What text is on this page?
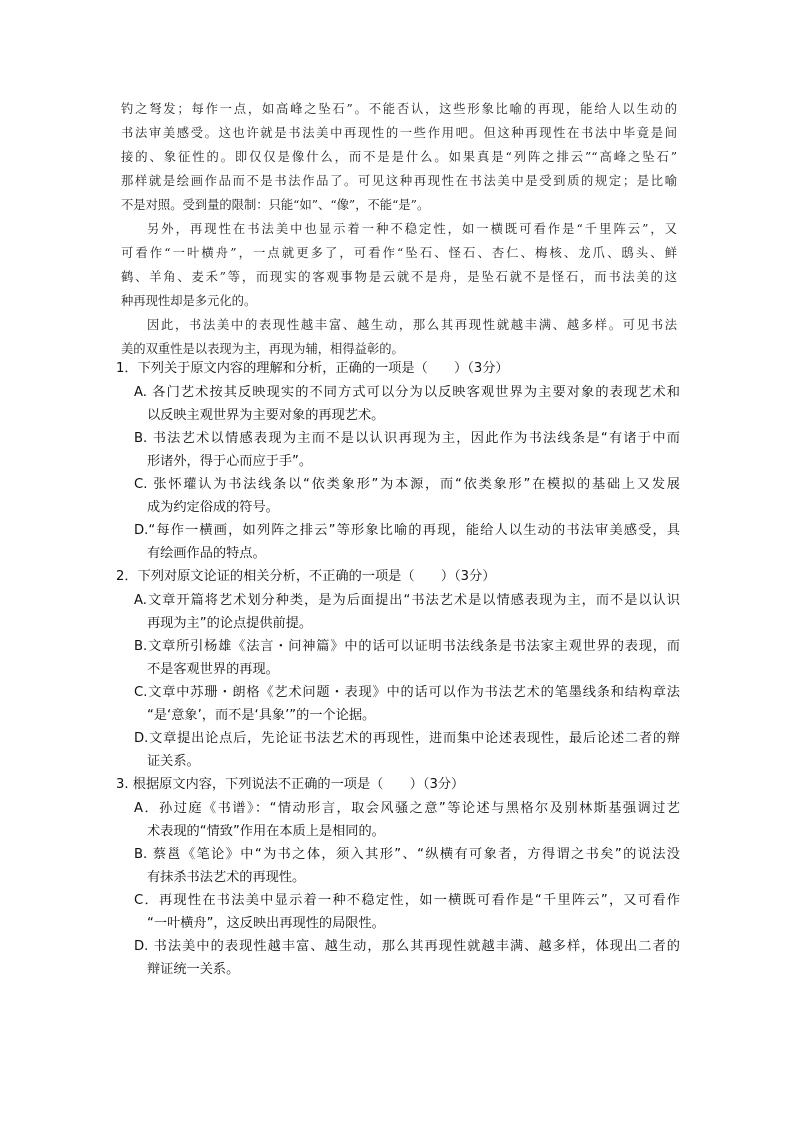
钓之弩发；每作一点，如高峰之坠石”。不能否认，这些形象比喻的再现，能给人以生动的
书法审美感受。这也许就是书法美中再现性的一些作用吧。但这种再现性在书法中毕竟是间
接的、象征性的。即仅仅是像什么，而不是是什么。如果真是“列阵之排云”“高峰之坠石”
那样就是绘画作品而不是书法作品了。可见这种再现性在书法美中是受到质的规定；是比喻
不是对照。受到量的限制：只能“如”、“像”，不能“是”。
另外，再现性在书法美中也显示着一种不稳定性，如一横既可看作是“千里阵云”，又
可看作“一叶横舟”，一点就更多了，可看作“坠石、怪石、杏仁、梅核、龙爪、鸱头、鲜
鹤、羊角、麦禾”等，而现实的客观事物是云就不是舟，是坠石就不是怪石，而书法美的这
种再现性却是多元化的。
因此，书法美中的表现性越丰富、越生动，那么其再现性就越丰满、越多样。可见书法
美的双重性是以表现为主，再现为辅，相得益彰的。
1．下列关于原文内容的理解和分析，正确的一项是（　　）（3分）
A. 各门艺术按其反映现实的不同方式可以分为以反映客观世界为主要对象的表现艺术和
以反映主观世界为主要对象的再现艺术。
B. 书法艺术以情感表现为主而不是以认识再现为主，因此作为书法线条是“有诸于中而
形诸外，得于心而应于手”。
C. 张怀瓘认为书法线条以“依类象形”为本源，而“依类象形”在模拟的基础上又发展
成为约定俗成的符号。
D.“每作一横画，如列阵之排云”等形象比喻的再现，能给人以生动的书法审美感受，具
有绘画作品的特点。
2．下列对原文论证的相关分析，不正确的一项是（　　）（3分）
A.文章开篇将艺术划分种类，是为后面提出“书法艺术是以情感表现为主，而不是以认识
再现为主”的论点提供前提。
B.文章所引杨雄《法言・问神篇》中的话可以证明书法线条是书法家主观世界的表现，而
不是客观世界的再现。
C.文章中苏珊・朗格《艺术问题・表现》中的话可以作为书法艺术的笔墨线条和结构章法
“是‘意象’，而不是‘具象’”的一个论据。
D.文章提出论点后，先论证书法艺术的再现性，进而集中论述表现性，最后论述二者的辩
证关系。
3. 根据原文内容，下列说法不正确的一项是（　　）（3分）
A．孙过庭《书谱》：“情动形言，取会风骚之意”等论述与黑格尔及别林斯基强调过艺
术表现的“情致”作用在本质上是相同的。
B. 蔡邕《笔论》中“为书之体，须入其形”、“纵横有可象者，方得谓之书矣”的说法没
有抹杀书法艺术的再现性。
C．再现性在书法美中显示着一种不稳定性，如一横既可看作是“千里阵云”，又可看作
“一叶横舟”，这反映出再现性的局限性。
D. 书法美中的表现性越丰富、越生动，那么其再现性就越丰满、越多样，体现出二者的
辩证统一关系。
